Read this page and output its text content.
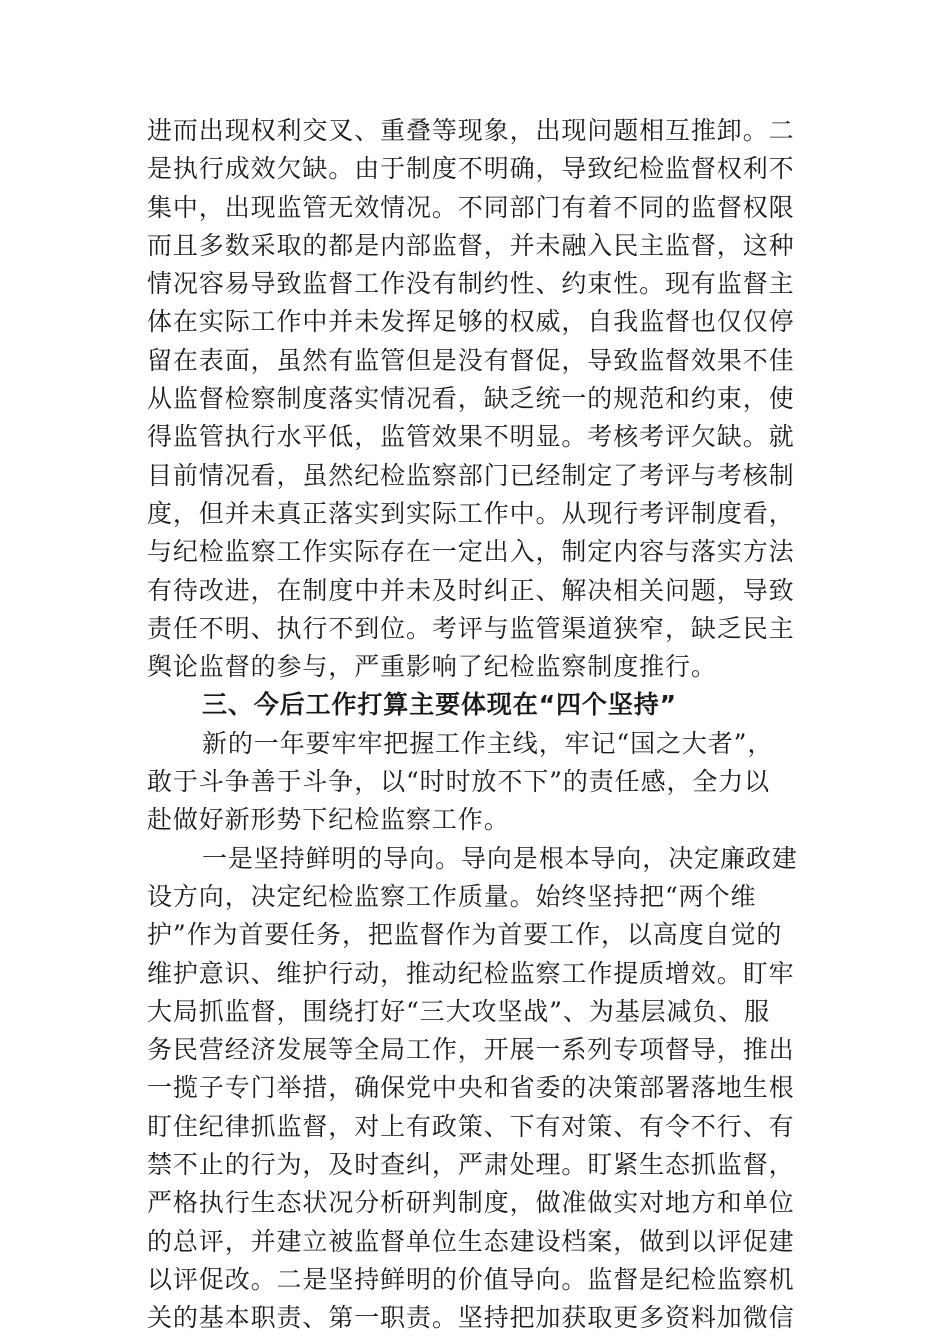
进而出现权利交叉、重叠等现象，出现问题相互推卸。二
是执行成效欠缺。由于制度不明确，导致纪检监督权利不
集中，出现监管无效情况。不同部门有着不同的监督权限
而且多数采取的都是内部监督，并未融入民主监督，这种
情况容易导致监督工作没有制约性、约束性。现有监督主
体在实际工作中并未发挥足够的权威，自我监督也仅仅停
留在表面，虽然有监管但是没有督促，导致监督效果不佳
从监督检察制度落实情况看，缺乏统一的规范和约束，使
得监管执行水平低，监管效果不明显。考核考评欠缺。就
目前情况看，虽然纪检监察部门已经制定了考评与考核制
度，但并未真正落实到实际工作中。从现行考评制度看，
与纪检监察工作实际存在一定出入，制定内容与落实方法
有待改进，在制度中并未及时纠正、解决相关问题，导致
责任不明、执行不到位。考评与监管渠道狭窄，缺乏民主
舆论监督的参与，严重影响了纪检监察制度推行。
三、今后工作打算主要体现在“四个坚持”
新的一年要牢牢把握工作主线，牢记“国之大者”，
敢于斗争善于斗争，以“时时放不下”的责任感，全力以
赴做好新形势下纪检监察工作。
一是坚持鲜明的导向。导向是根本导向，决定廉政建
设方向，决定纪检监察工作质量。始终坚持把“两个维
护”作为首要任务，把监督作为首要工作，以高度自觉的
维护意识、维护行动，推动纪检监察工作提质增效。盯牢
大局抓监督，围绕打好“三大攻坚战”、为基层减负、服
务民营经济发展等全局工作，开展一系列专项督导，推出
一揽子专门举措，确保党中央和省委的决策部署落地生根
盯住纪律抓监督，对上有政策、下有对策、有令不行、有
禁不止的行为，及时查纠，严肃处理。盯紧生态抓监督，
严格执行生态状况分析研判制度，做准做实对地方和单位
的总评，并建立被监督单位生态建设档案，做到以评促建
以评促改。二是坚持鲜明的价值导向。监督是纪检监察机
关的基本职责、第一职责。坚持把加获取更多资料加微信
